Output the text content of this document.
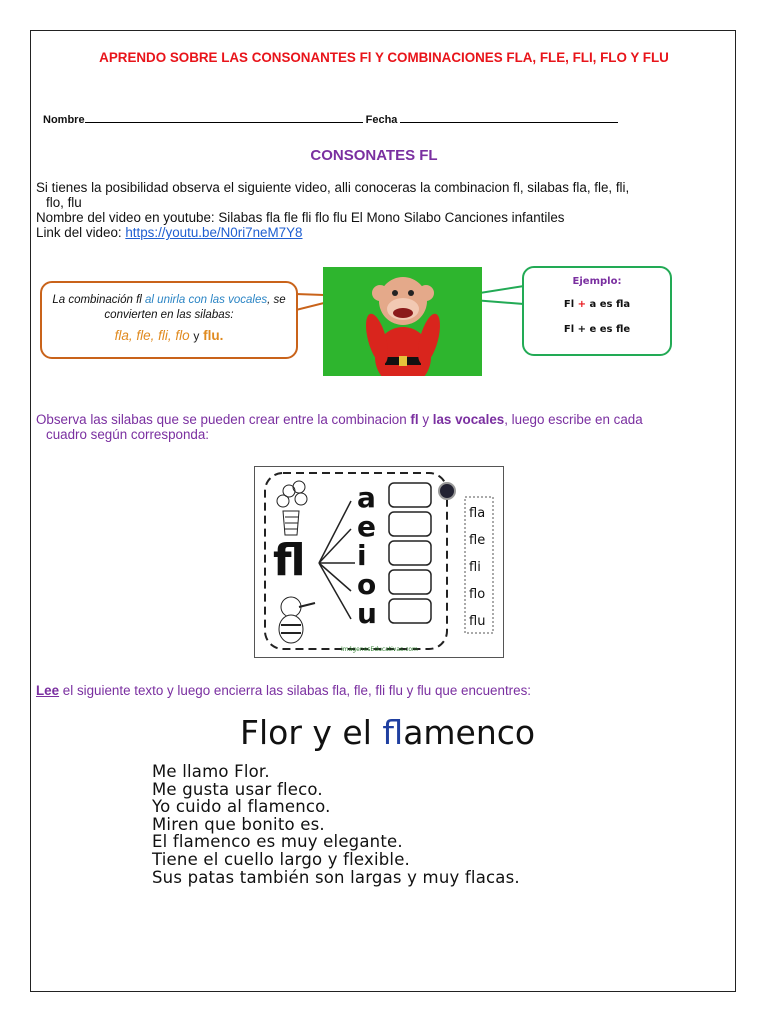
APRENDO SOBRE LAS CONSONANTES Fl Y COMBINACIONES FLA, FLE, FLI, FLO Y FLU
Nombre	Fecha
CONSONATES FL
Si tienes la posibilidad observa el siguiente video, alli conoceras la combinacion fl, silabas fla, fle, fli,
flo, flu
Nombre del video en youtube: Silabas fla fle fli flo flu El Mono Silabo Canciones infantiles
Link del video: https://youtu.be/N0ri7neM7Y8
La combinación fl al unirla con las vocales, se convierten en las silabas:
fla, fle, fli, flo y flu.
Ejemplo:
Fl + a es fla
Fl + e es fle
Observa las silabas que se pueden crear entre la combinacion fl y las vocales, luego escribe en cada
cuadro según corresponda:
fl
a
e
i
o
u
fla
fle
fli
flo
flu
ImágenesEducativas.com
Lee el siguiente texto y luego encierra las silabas fla, fle, fli flu y flu que encuentres:
Flor y el flamenco
Me llamo Flor.
Me gusta usar fleco.
Yo cuido al flamenco.
Miren que bonito es.
El flamenco es muy elegante.
Tiene el cuello largo y flexible.
Sus patas también son largas y muy flacas.
